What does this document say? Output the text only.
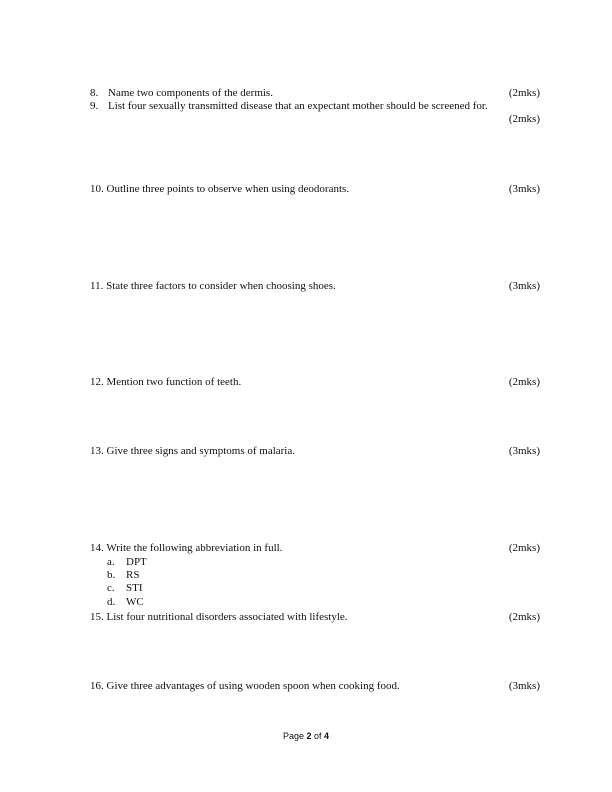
8. Name two components of the dermis.	(2mks)
9. List four sexually transmitted disease that an expectant mother should be screened for.
(2mks)
10. Outline three points to observe when using deodorants.	(3mks)
11. State three factors to consider when choosing shoes.	(3mks)
12. Mention two function of teeth.	(2mks)
13. Give three signs and symptoms of malaria.	(3mks)
14. Write the following abbreviation in full.	(2mks)
a. DPT
b. RS
c. STI
d. WC
15. List four nutritional disorders associated with lifestyle.	(2mks)
16. Give three advantages of using wooden spoon when cooking food.	(3mks)
Page 2 of 4
